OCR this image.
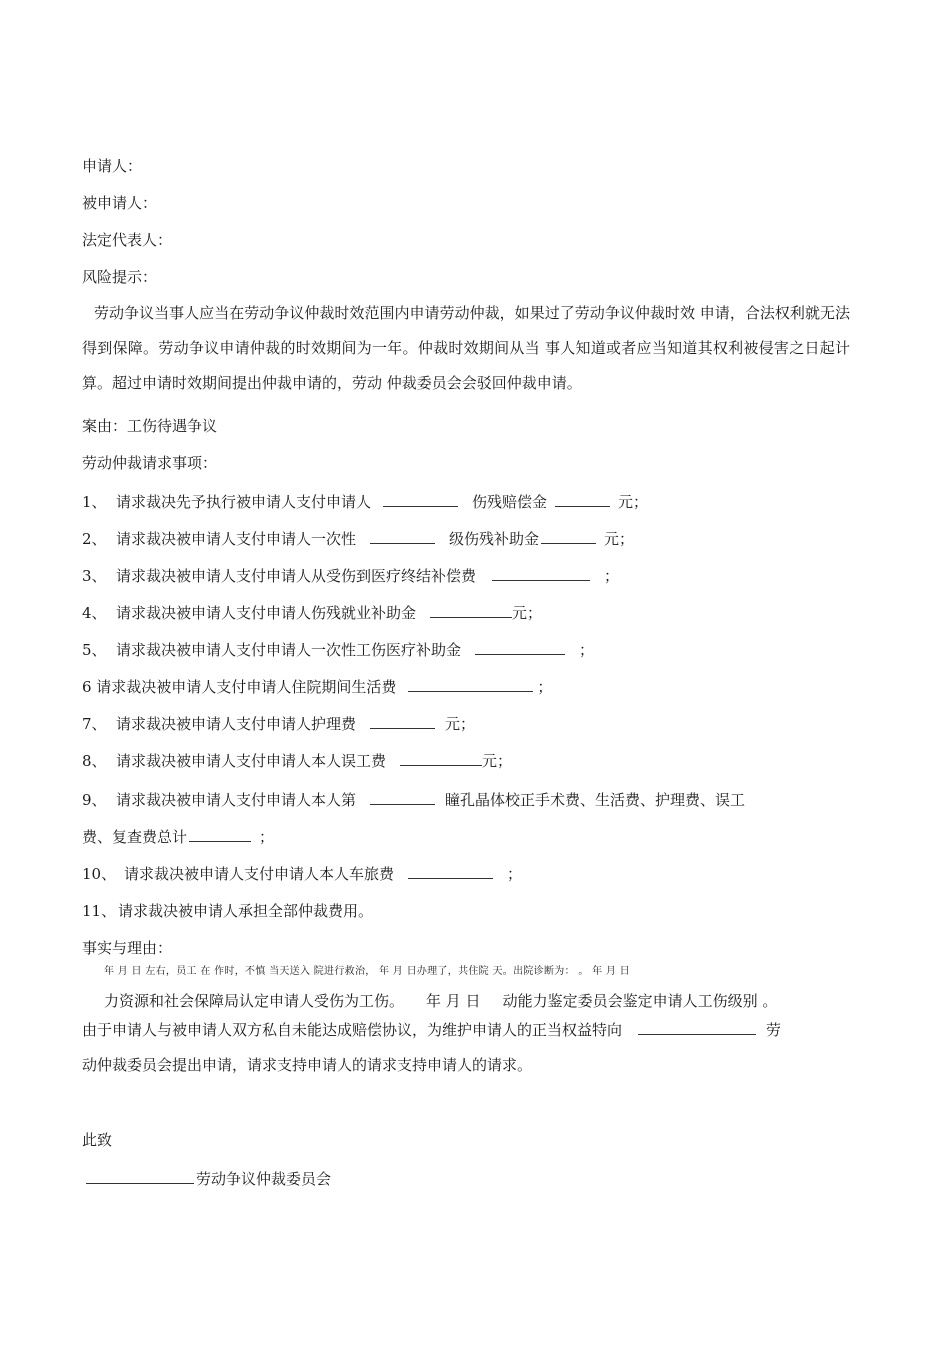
申请人：
被申请人：
法定代表人：
风险提示：
劳动争议当事人应当在劳动争议仲裁时效范围内申请劳动仲裁，如果过了劳动争议仲裁时效 申请，合法权利就无法得到保障。劳动争议申请仲裁的时效期间为一年。仲裁时效期间从当 事人知道或者应当知道其权利被侵害之日起计算。超过申请时效期间提出仲裁申请的，劳动 仲裁委员会会驳回仲裁申请。
案由：工伤待遇争议
劳动仲裁请求事项：
1、 请求裁决先予执行被申请人支付申请人	伤残赔偿金	元；
2、 请求裁决被申请人支付申请人一次性	级伤残补助金	元；
3、 请求裁决被申请人支付申请人从受伤到医疗终结补偿费	；
4、 请求裁决被申请人支付申请人伤残就业补助金	元；
5、 请求裁决被申请人支付申请人一次性工伤医疗补助金	；
6 请求裁决被申请人支付申请人住院期间生活费	；
7、 请求裁决被申请人支付申请人护理费	元；
8、 请求裁决被申请人支付申请人本人误工费	元；
9、 请求裁决被申请人支付申请人本人第	瞳孔晶体校正手术费、生活费、护理费、误工
费、复查费总计	；
10、 请求裁决被申请人支付申请人本人车旅费	；
11、 请求裁决被申请人承担全部仲裁费用。
事实与理由：
年 月 日 左右，员工 在 作时，不慎 当天送入 院进行救治， 年 月 日办理了，共住院 天。出院诊断为： 。 年 月 日
力资源和社会保障局认定申请人受伤为工伤。 年 月 日 动能力鉴定委员会鉴定申请人工伤级别 。
由于申请人与被申请人双方私自未能达成赔偿协议，为维护申请人的正当权益特向	劳
动仲裁委员会提出申请，请求支持申请人的请求支持申请人的请求。
此致
劳动争议仲裁委员会
